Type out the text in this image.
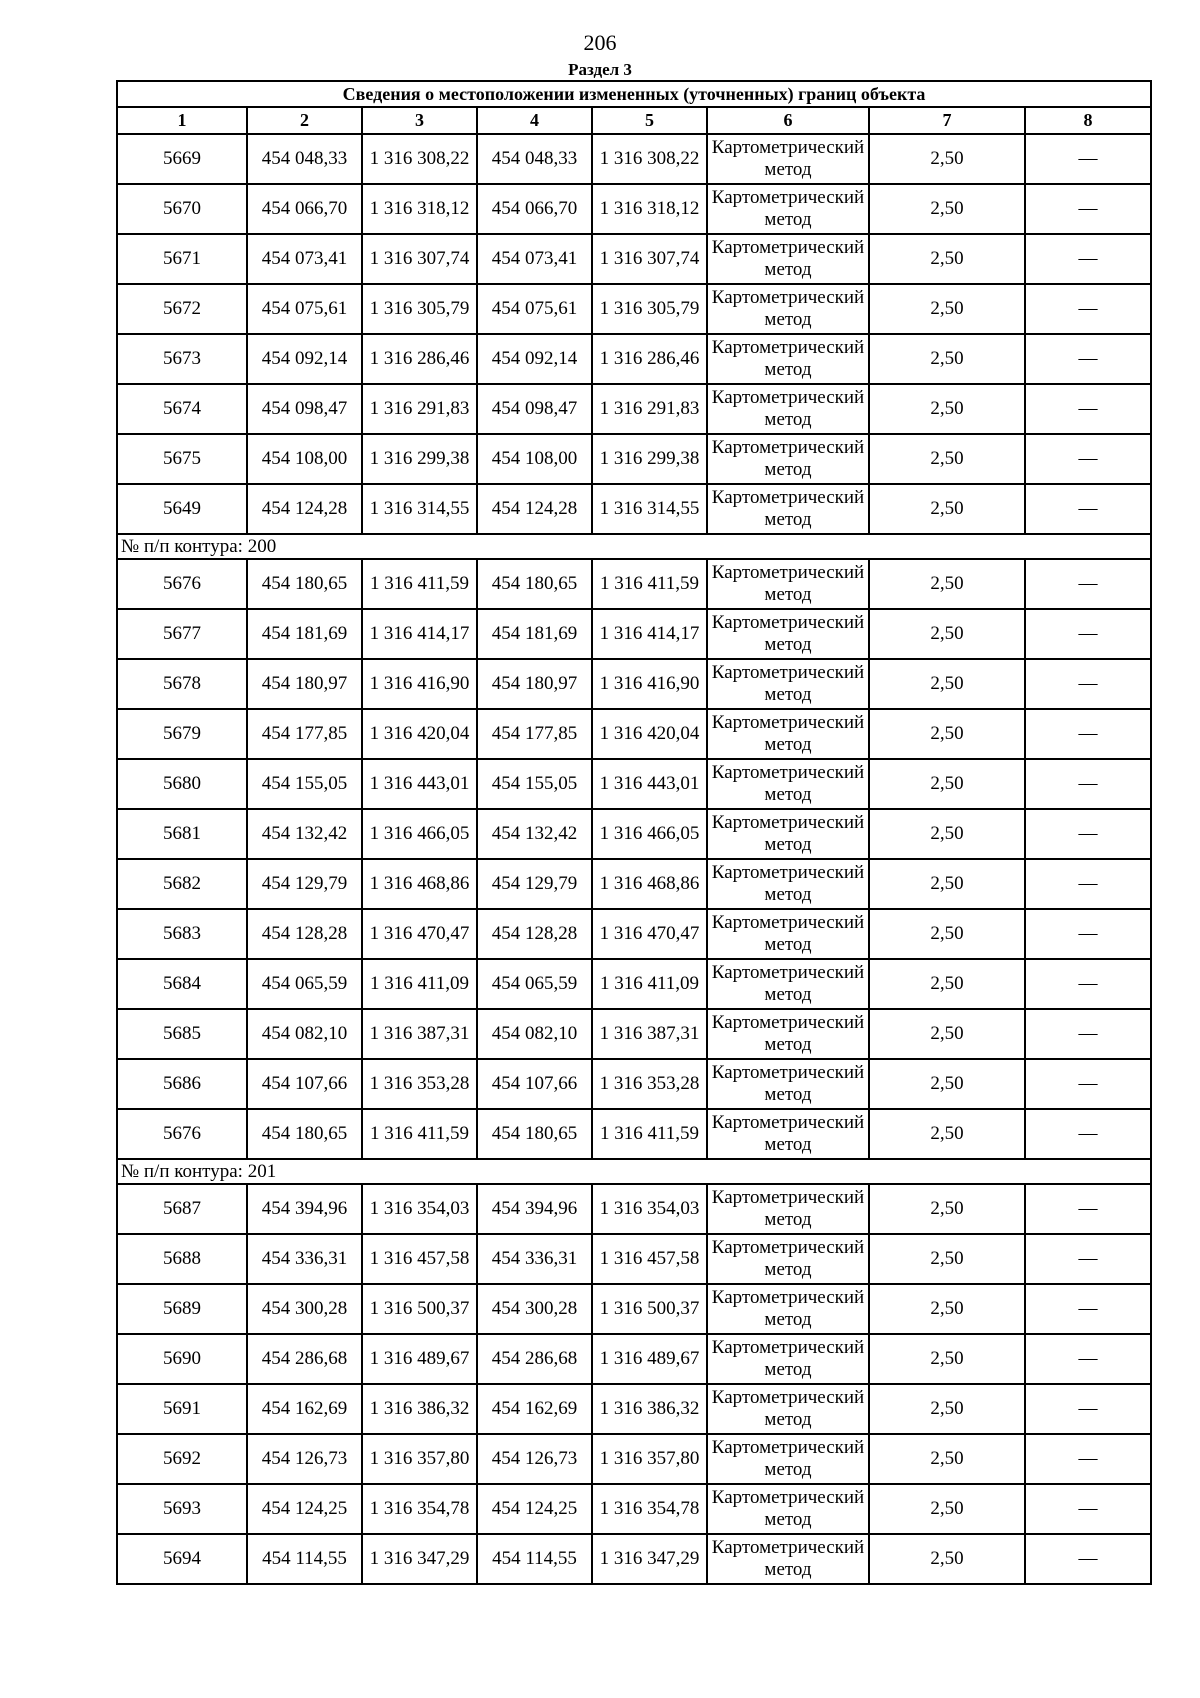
206
Раздел 3
Сведения о местоположении измененных (уточненных) границ объекта							
1	2	3	4	5	6	7	8
5669	454 048,33	1 316 308,22	454 048,33	1 316 308,22	Картометрический метод	2,50	—
5670	454 066,70	1 316 318,12	454 066,70	1 316 318,12	Картометрический метод	2,50	—
5671	454 073,41	1 316 307,74	454 073,41	1 316 307,74	Картометрический метод	2,50	—
5672	454 075,61	1 316 305,79	454 075,61	1 316 305,79	Картометрический метод	2,50	—
5673	454 092,14	1 316 286,46	454 092,14	1 316 286,46	Картометрический метод	2,50	—
5674	454 098,47	1 316 291,83	454 098,47	1 316 291,83	Картометрический метод	2,50	—
5675	454 108,00	1 316 299,38	454 108,00	1 316 299,38	Картометрический метод	2,50	—
5649	454 124,28	1 316 314,55	454 124,28	1 316 314,55	Картометрический метод	2,50	—
№ п/п контура: 200							
5676	454 180,65	1 316 411,59	454 180,65	1 316 411,59	Картометрический метод	2,50	—
5677	454 181,69	1 316 414,17	454 181,69	1 316 414,17	Картометрический метод	2,50	—
5678	454 180,97	1 316 416,90	454 180,97	1 316 416,90	Картометрический метод	2,50	—
5679	454 177,85	1 316 420,04	454 177,85	1 316 420,04	Картометрический метод	2,50	—
5680	454 155,05	1 316 443,01	454 155,05	1 316 443,01	Картометрический метод	2,50	—
5681	454 132,42	1 316 466,05	454 132,42	1 316 466,05	Картометрический метод	2,50	—
5682	454 129,79	1 316 468,86	454 129,79	1 316 468,86	Картометрический метод	2,50	—
5683	454 128,28	1 316 470,47	454 128,28	1 316 470,47	Картометрический метод	2,50	—
5684	454 065,59	1 316 411,09	454 065,59	1 316 411,09	Картометрический метод	2,50	—
5685	454 082,10	1 316 387,31	454 082,10	1 316 387,31	Картометрический метод	2,50	—
5686	454 107,66	1 316 353,28	454 107,66	1 316 353,28	Картометрический метод	2,50	—
5676	454 180,65	1 316 411,59	454 180,65	1 316 411,59	Картометрический метод	2,50	—
№ п/п контура: 201							
5687	454 394,96	1 316 354,03	454 394,96	1 316 354,03	Картометрический метод	2,50	—
5688	454 336,31	1 316 457,58	454 336,31	1 316 457,58	Картометрический метод	2,50	—
5689	454 300,28	1 316 500,37	454 300,28	1 316 500,37	Картометрический метод	2,50	—
5690	454 286,68	1 316 489,67	454 286,68	1 316 489,67	Картометрический метод	2,50	—
5691	454 162,69	1 316 386,32	454 162,69	1 316 386,32	Картометрический метод	2,50	—
5692	454 126,73	1 316 357,80	454 126,73	1 316 357,80	Картометрический метод	2,50	—
5693	454 124,25	1 316 354,78	454 124,25	1 316 354,78	Картометрический метод	2,50	—
5694	454 114,55	1 316 347,29	454 114,55	1 316 347,29	Картометрический метод	2,50	—
